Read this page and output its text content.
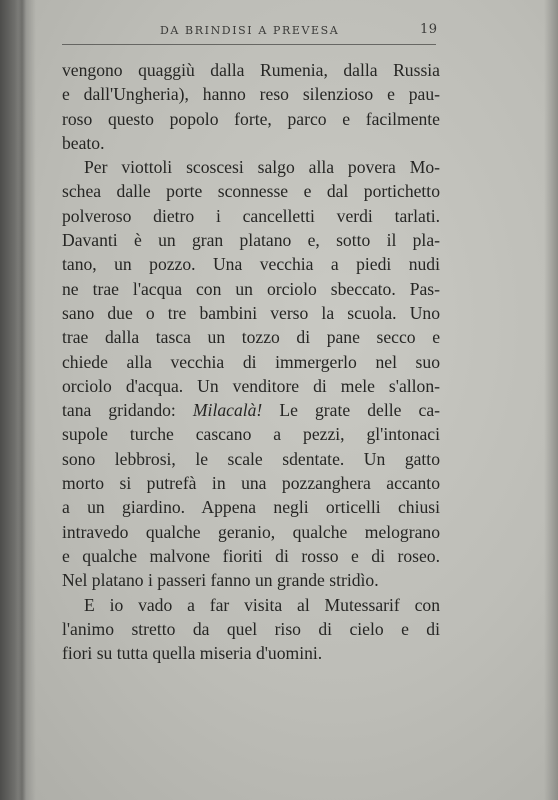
DA BRINDISI A PREVESA	19
vengono quaggiù dalla Rumenia, dalla Russia
e dall'Ungheria), hanno reso silenzioso e pau-
roso questo popolo forte, parco e facilmente
beato.
Per viottoli scoscesi salgo alla povera Mo-
schea dalle porte sconnesse e dal portichetto
polveroso dietro i cancelletti verdi tarlati.
Davanti è un gran platano e, sotto il pla-
tano, un pozzo. Una vecchia a piedi nudi
ne trae l'acqua con un orciolo sbeccato. Pas-
sano due o tre bambini verso la scuola. Uno
trae dalla tasca un tozzo di pane secco e
chiede alla vecchia di immergerlo nel suo
orciolo d'acqua. Un venditore di mele s'allon-
tana gridando: Milacalà! Le grate delle ca-
supole turche cascano a pezzi, gl'intonaci
sono lebbrosi, le scale sdentate. Un gatto
morto si putrefà in una pozzanghera accanto
a un giardino. Appena negli orticelli chiusi
intravedo qualche geranio, qualche melograno
e qualche malvone fioriti di rosso e di roseo.
Nel platano i passeri fanno un grande stridìo.
E io vado a far visita al Mutessarif con
l'animo stretto da quel riso di cielo e di
fiori su tutta quella miseria d'uomini.
